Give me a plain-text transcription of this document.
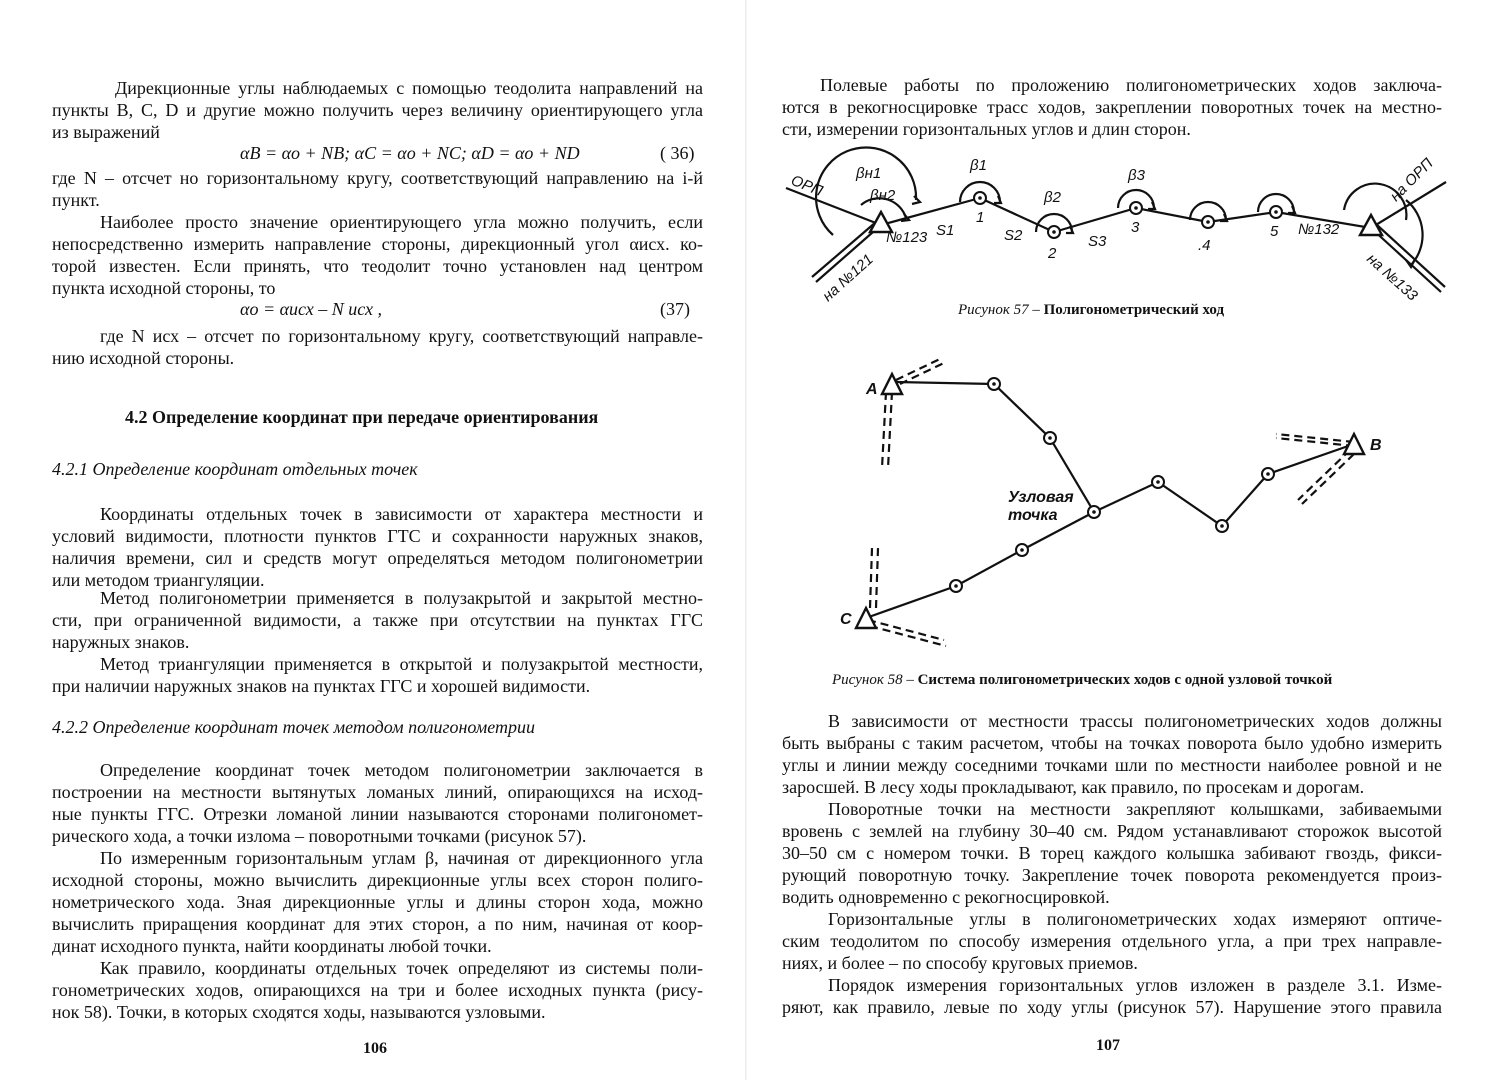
Дирекционные углы наблюдаемых с помощью теодолита направлений на
пункты B, C, D и другие можно получить через величину ориентирующего угла
из выражений
αB = αo + NB; αC = αo + NC; αD = αo + ND	( 36)
где N – отсчет но горизонтальному кругу, соответствующий направлению на i-й
пункт.
Наиболее просто значение ориентирующего угла можно получить, если
непосредственно измерить направление стороны, дирекционный угол αисх. ко-
торой известен. Если принять, что теодолит точно установлен над центром
пункта исходной стороны, то
αo = αисх – N исх ,	(37)
где N исх – отсчет по горизонтальному кругу, соответствующий направле-
нию исходной стороны.
4.2 Определение координат при передаче ориентирования
4.2.1 Определение координат отдельных точек
Координаты отдельных точек в зависимости от характера местности и
условий видимости, плотности пунктов ГТС и сохранности наружных знаков,
наличия времени, сил и средств могут определяться методом полигонометрии
или методом триангуляции.
Метод полигонометрии применяется в полузакрытой и закрытой местно-
сти, при ограниченной видимости, а также при отсутствии на пунктах ГГС
наружных знаков.
Метод триангуляции применяется в открытой и полузакрытой местности,
при наличии наружных знаков на пунктах ГГС и хорошей видимости.
4.2.2 Определение координат точек методом полигонометрии
Определение координат точек методом полигонометрии заключается в
построении на местности вытянутых ломаных линий, опирающихся на исход-
ные пункты ГГС. Отрезки ломаной линии называются сторонами полигономет-
рического хода, а точки излома – поворотными точками (рисунок 57).
По измеренным горизонтальным углам β, начиная от дирекционного угла
исходной стороны, можно вычислить дирекционные углы всех сторон полиго-
нометрического хода. Зная дирекционные углы и длины сторон хода, можно
вычислить приращения координат для этих сторон, а по ним, начиная от коор-
динат исходного пункта, найти координаты любой точки.
Как правило, координаты отдельных точек определяют из системы поли-
гонометрических ходов, опирающихся на три и более исходных пункта (рису-
нок 58). Точки, в которых сходятся ходы, называются узловыми.
106
Полевые работы по проложению полигонометрических ходов заключа-
ются в рекогносцировке трасс ходов, закреплении поворотных точек на местно-
сти, измерении горизонтальных углов и длин сторон.
ОРП	на ОРП
на №121	на №133
№123	№132
βн1
βн2
β1
β2
β3
S1	S2	S3
1
2
3
.4
5
Рисунок 57 – Полигонометрический ход
A
B
C
Узловая
точка
Рисунок 58 – Система полигонометрических ходов с одной узловой точкой
В зависимости от местности трассы полигонометрических ходов должны
быть выбраны с таким расчетом, чтобы на точках поворота было удобно измерить
углы и линии между соседними точками шли по местности наиболее ровной и не
заросшей. В лесу ходы прокладывают, как правило, по просекам и дорогам.
Поворотные точки на местности закрепляют колышками, забиваемыми
вровень с землей на глубину 30–40 см. Рядом устанавливают сторожок высотой
30–50 см с номером точки. В торец каждого колышка забивают гвоздь, фикси-
рующий поворотную точку. Закрепление точек поворота рекомендуется произ-
водить одновременно с рекогносцировкой.
Горизонтальные углы в полигонометрических ходах измеряют оптиче-
ским теодолитом по способу измерения отдельного угла, а при трех направле-
ниях, и более – по способу круговых приемов.
Порядок измерения горизонтальных углов изложен в разделе 3.1. Изме-
ряют, как правило, левые по ходу углы (рисунок 57). Нарушение этого правила
107
